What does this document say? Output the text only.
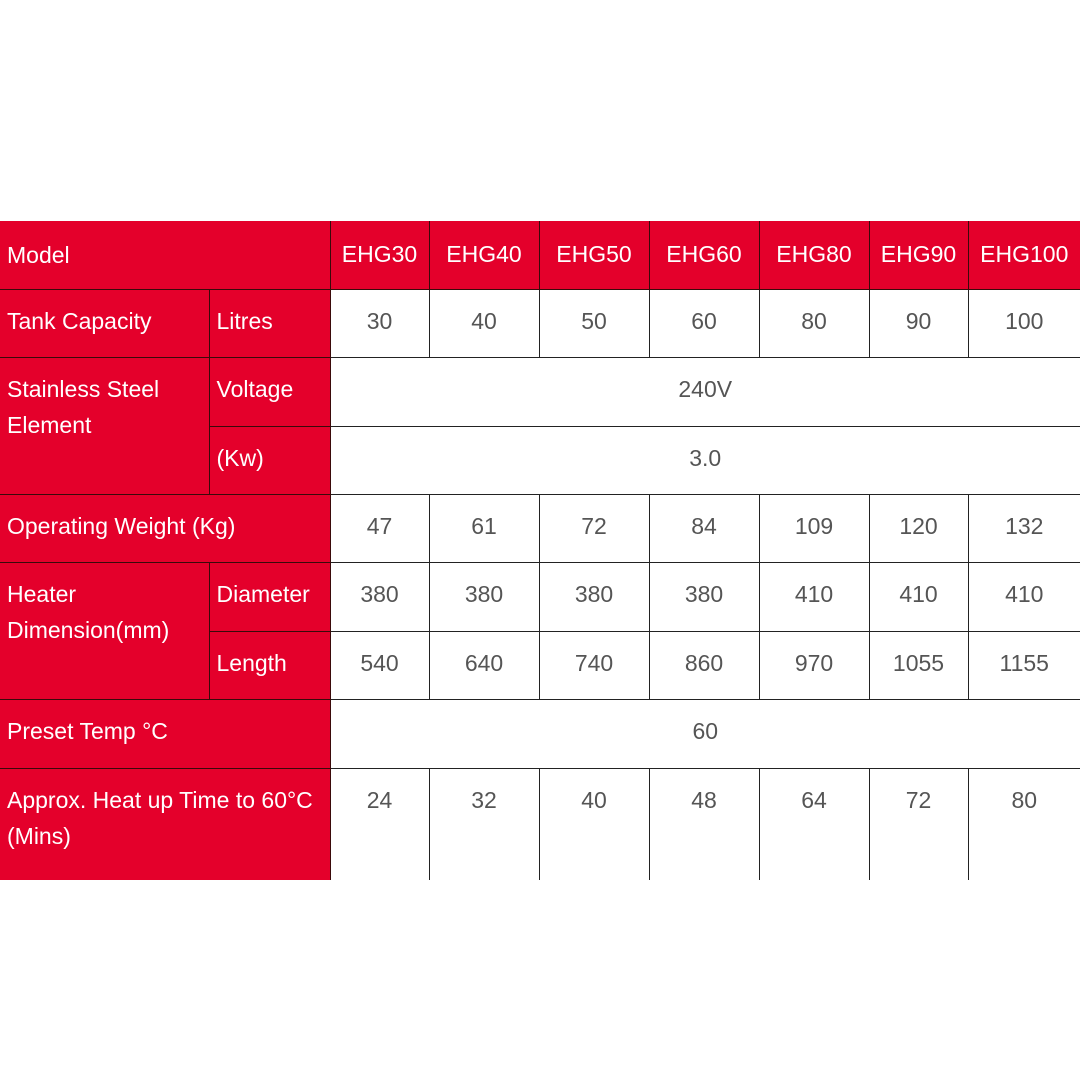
Model		EHG30	EHG40	EHG50	EHG60	EHG80	EHG90	EHG100
Tank Capacity	Litres	30	40	50	60	80	90	100
Stainless Steel Element	Voltage	240V						
	(Kw)	3.0						
Operating Weight (Kg)		47	61	72	84	109	120	132
Heater Dimension(mm)	Diameter	380	380	380	380	410	410	410
	Length	540	640	740	860	970	1055	1155
Preset Temp °C		60						
Approx. Heat up Time to 60°C (Mins)		24	32	40	48	64	72	80
